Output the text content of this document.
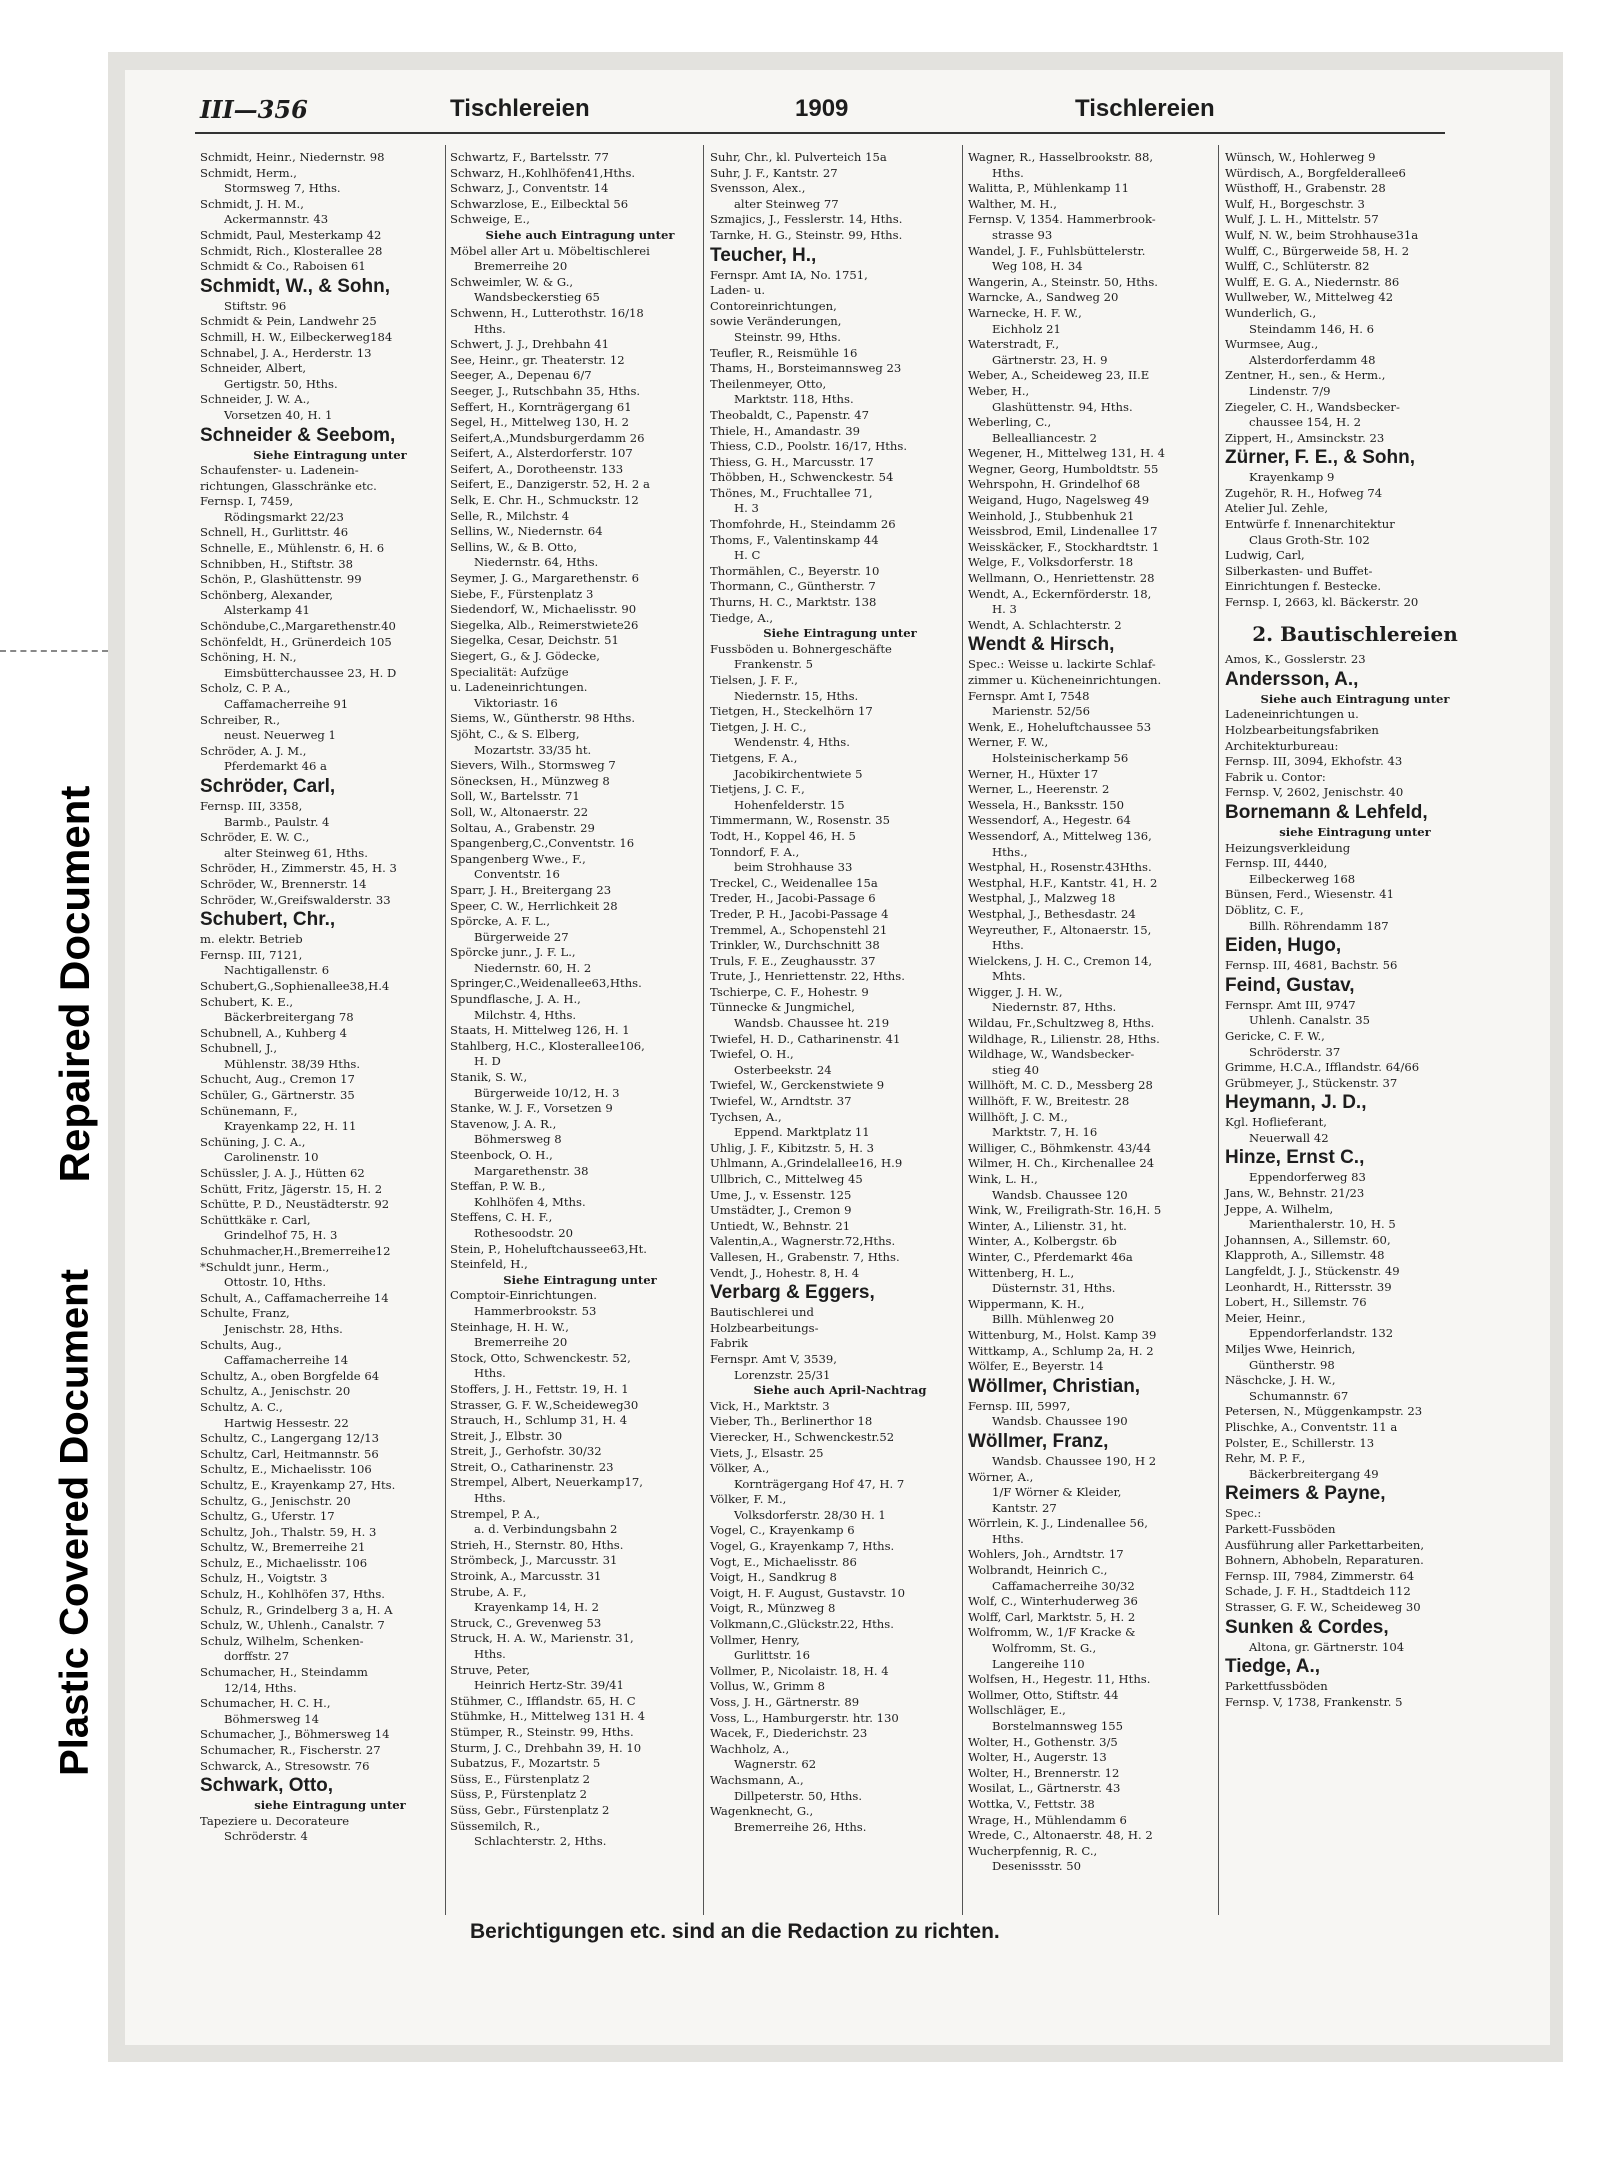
Repaired Document
Plastic Covered Document
III—356	Tischlereien	1909	Tischlereien
Schmidt, Heinr., Niedernstr. 98
Schmidt, Herm.,
Stormsweg 7, Hths.
Schmidt, J. H. M.,
Ackermannstr. 43
Schmidt, Paul, Mesterkamp 42
Schmidt, Rich., Klosterallee 28
Schmidt & Co., Raboisen 61
Schmidt, W., & Sohn,
Stiftstr. 96
Schmidt & Pein, Landwehr 25
Schmill, H. W., Eilbeckerweg184
Schnabel, J. A., Herderstr. 13
Schneider, Albert,
Gertigstr. 50, Hths.
Schneider, J. W. A.,
Vorsetzen 40, H. 1
Schneider & Seebom,
Siehe Eintragung unter
Schaufenster- u. Ladenein-
richtungen, Glasschränke etc.
Fernsp. I, 7459,
Rödingsmarkt 22/23
Schnell, H., Gurlittstr. 46
Schnelle, E., Mühlenstr. 6, H. 6
Schnibben, H., Stiftstr. 38
Schön, P., Glashüttenstr. 99
Schönberg, Alexander,
Alsterkamp 41
Schöndube,C.,Margarethenstr.40
Schönfeldt, H., Grünerdeich 105
Schöning, H. N.,
Eimsbütterchaussee 23, H. D
Scholz, C. P. A.,
Caffamacherreihe 91
Schreiber, R.,
neust. Neuerweg 1
Schröder, A. J. M.,
Pferdemarkt 46 a
Schröder, Carl,
Fernsp. III, 3358,
Barmb., Paulstr. 4
Schröder, E. W. C.,
alter Steinweg 61, Hths.
Schröder, H., Zimmerstr. 45, H. 3
Schröder, W., Brennerstr. 14
Schröder, W.,Greifswalderstr. 33
Schubert, Chr.,
m. elektr. Betrieb
Fernsp. III, 7121,
Nachtigallenstr. 6
Schubert,G.,Sophienallee38,H.4
Schubert, K. E.,
Bäckerbreitergang 78
Schubnell, A., Kuhberg 4
Schubnell, J.,
Mühlenstr. 38/39 Hths.
Schucht, Aug., Cremon 17
Schüler, G., Gärtnerstr. 35
Schünemann, F.,
Krayenkamp 22, H. 11
Schüning, J. C. A.,
Carolinenstr. 10
Schüssler, J. A. J., Hütten 62
Schütt, Fritz, Jägerstr. 15, H. 2
Schütte, P. D., Neustädterstr. 92
Schüttkäke r. Carl,
Grindelhof 75, H. 3
Schuhmacher,H.,Bremerreihe12
*Schuldt junr., Herm.,
Ottostr. 10, Hths.
Schult, A., Caffamacherreihe 14
Schulte, Franz,
Jenischstr. 28, Hths.
Schults, Aug.,
Caffamacherreihe 14
Schultz, A., oben Borgfelde 64
Schultz, A., Jenischstr. 20
Schultz, A. C.,
Hartwig Hessestr. 22
Schultz, C., Langergang 12/13
Schultz, Carl, Heitmannstr. 56
Schultz, E., Michaelisstr. 106
Schultz, E., Krayenkamp 27, Hts.
Schultz, G., Jenischstr. 20
Schultz, G., Uferstr. 17
Schultz, Joh., Thalstr. 59, H. 3
Schultz, W., Bremerreihe 21
Schulz, E., Michaelisstr. 106
Schulz, H., Voigtstr. 3
Schulz, H., Kohlhöfen 37, Hths.
Schulz, R., Grindelberg 3 a, H. A
Schulz, W., Uhlenh., Canalstr. 7
Schulz, Wilhelm, Schenken-
dorffstr. 27
Schumacher, H., Steindamm
12/14, Hths.
Schumacher, H. C. H.,
Böhmersweg 14
Schumacher, J., Böhmersweg 14
Schumacher, R., Fischerstr. 27
Schwarck, A., Stresowstr. 76
Schwark, Otto,
siehe Eintragung unter
Tapeziere u. Decorateure
Schröderstr. 4
Schwartz, F., Bartelsstr. 77
Schwarz, H.,Kohlhöfen41,Hths.
Schwarz, J., Conventstr. 14
Schwarzlose, E., Eilbecktal 56
Schweige, E.,
Siehe auch Eintragung unter
Möbel aller Art u. Möbeltischlerei
Bremerreihe 20
Schweimler, W. & G.,
Wandsbeckerstieg 65
Schwenn, H., Lutterothstr. 16/18
Hths.
Schwert, J. J., Drehbahn 41
See, Heinr., gr. Theaterstr. 12
Seeger, A., Depenau 6/7
Seeger, J., Rutschbahn 35, Hths.
Seffert, H., Kornträgergang 61
Segel, H., Mittelweg 130, H. 2
Seifert,A.,Mundsburgerdamm 26
Seifert, A., Alsterdorferstr. 107
Seifert, A., Dorotheenstr. 133
Seifert, E., Danzigerstr. 52, H. 2 a
Selk, E. Chr. H., Schmuckstr. 12
Selle, R., Milchstr. 4
Sellins, W., Niedernstr. 64
Sellins, W., & B. Otto,
Niedernstr. 64, Hths.
Seymer, J. G., Margarethenstr. 6
Siebe, F., Fürstenplatz 3
Siedendorf, W., Michaelisstr. 90
Siegelka, Alb., Reimerstwiete26
Siegelka, Cesar, Deichstr. 51
Siegert, G., & J. Gödecke,
Specialität: Aufzüge
u. Ladeneinrichtungen.
Viktoriastr. 16
Siems, W., Güntherstr. 98 Hths.
Sjöht, C., & S. Elberg,
Mozartstr. 33/35 ht.
Sievers, Wilh., Stormsweg 7
Sönecksen, H., Münzweg 8
Soll, W., Bartelsstr. 71
Soll, W., Altonaerstr. 22
Soltau, A., Grabenstr. 29
Spangenberg,C.,Conventstr. 16
Spangenberg Wwe., F.,
Conventstr. 16
Sparr, J. H., Breitergang 23
Speer, C. W., Herrlichkeit 28
Spörcke, A. F. L.,
Bürgerweide 27
Spörcke junr., J. F. L.,
Niedernstr. 60, H. 2
Springer,C.,Weidenallee63,Hths.
Spundflasche, J. A. H.,
Milchstr. 4, Hths.
Staats, H. Mittelweg 126, H. 1
Stahlberg, H.C., Klosterallee106,
H. D
Stanik, S. W.,
Bürgerweide 10/12, H. 3
Stanke, W. J. F., Vorsetzen 9
Stavenow, J. A. R.,
Böhmersweg 8
Steenbock, O. H.,
Margarethenstr. 38
Steffan, P. W. B.,
Kohlhöfen 4, Mths.
Steffens, C. H. F.,
Rothesoodstr. 20
Stein, P., Hoheluftchaussee63,Ht.
Steinfeld, H.,
Siehe Eintragung unter
Comptoir-Einrichtungen.
Hammerbrookstr. 53
Steinhage, H. H. W.,
Bremerreihe 20
Stock, Otto, Schwenckestr. 52,
Hths.
Stoffers, J. H., Fettstr. 19, H. 1
Strasser, G. F. W.,Scheideweg30
Strauch, H., Schlump 31, H. 4
Streit, J., Elbstr. 30
Streit, J., Gerhofstr. 30/32
Streit, O., Catharinenstr. 23
Strempel, Albert, Neuerkamp17,
Hths.
Strempel, P. A.,
a. d. Verbindungsbahn 2
Strieh, H., Sternstr. 80, Hths.
Strömbeck, J., Marcusstr. 31
Stroink, A., Marcusstr. 31
Strube, A. F.,
Krayenkamp 14, H. 2
Struck, C., Grevenweg 53
Struck, H. A. W., Marienstr. 31,
Hths.
Struve, Peter,
Heinrich Hertz-Str. 39/41
Stühmer, C., Ifflandstr. 65, H. C
Stühmke, H., Mittelweg 131 H. 4
Stümper, R., Steinstr. 99, Hths.
Sturm, J. C., Drehbahn 39, H. 10
Subatzus, F., Mozartstr. 5
Süss, E., Fürstenplatz 2
Süss, P., Fürstenplatz 2
Süss, Gebr., Fürstenplatz 2
Süssemilch, R.,
Schlachterstr. 2, Hths.
Suhr, Chr., kl. Pulverteich 15a
Suhr, J. F., Kantstr. 27
Svensson, Alex.,
alter Steinweg 77
Szmajics, J., Fesslerstr. 14, Hths.
Tarnke, H. G., Steinstr. 99, Hths.
Teucher, H.,
Fernspr. Amt IA, No. 1751,
Laden- u.
Contoreinrichtungen,
sowie Veränderungen,
Steinstr. 99, Hths.
Teufler, R., Reismühle 16
Thams, H., Borsteimannsweg 23
Theilenmeyer, Otto,
Marktstr. 118, Hths.
Theobaldt, C., Papenstr. 47
Thiele, H., Amandastr. 39
Thiess, C.D., Poolstr. 16/17, Hths.
Thiess, G. H., Marcusstr. 17
Thöbben, H., Schwenckestr. 54
Thönes, M., Fruchtallee 71,
H. 3
Thomfohrde, H., Steindamm 26
Thoms, F., Valentinskamp 44
H. C
Thormählen, C., Beyerstr. 10
Thormann, C., Güntherstr. 7
Thurns, H. C., Marktstr. 138
Tiedge, A.,
Siehe Eintragung unter
Fussböden u. Bohnergeschäfte
Frankenstr. 5
Tielsen, J. F. F.,
Niedernstr. 15, Hths.
Tietgen, H., Steckelhörn 17
Tietgen, J. H. C.,
Wendenstr. 4, Hths.
Tietgens, F. A.,
Jacobikirchentwiete 5
Tietjens, J. C. F.,
Hohenfelderstr. 15
Timmermann, W., Rosenstr. 35
Todt, H., Koppel 46, H. 5
Tonndorf, F. A.,
beim Strohhause 33
Treckel, C., Weidenallee 15a
Treder, H., Jacobi-Passage 6
Treder, P. H., Jacobi-Passage 4
Tremmel, A., Schopenstehl 21
Trinkler, W., Durchschnitt 38
Truls, F. E., Zeughausstr. 37
Trute, J., Henriettenstr. 22, Hths.
Tschierpe, C. F., Hohestr. 9
Tünnecke & Jungmichel,
Wandsb. Chaussee ht. 219
Twiefel, H. D., Catharinenstr. 41
Twiefel, O. H.,
Osterbeekstr. 24
Twiefel, W., Gerckenstwiete 9
Twiefel, W., Arndtstr. 37
Tychsen, A.,
Eppend. Marktplatz 11
Uhlig, J. F., Kibitzstr. 5, H. 3
Uhlmann, A.,Grindelallee16, H.9
Ullbrich, C., Mittelweg 45
Ume, J., v. Essenstr. 125
Umstädter, J., Cremon 9
Untiedt, W., Behnstr. 21
Valentin,A., Wagnerstr.72,Hths.
Vallesen, H., Grabenstr. 7, Hths.
Vendt, J., Hohestr. 8, H. 4
Verbarg & Eggers,
Bautischlerei und
Holzbearbeitungs-
Fabrik
Fernspr. Amt V, 3539,
Lorenzstr. 25/31
Siehe auch April-Nachtrag
Vick, H., Marktstr. 3
Vieber, Th., Berlinerthor 18
Vierecker, H., Schwenckestr.52
Viets, J., Elsastr. 25
Völker, A.,
Kornträgergang Hof 47, H. 7
Völker, F. M.,
Volksdorferstr. 28/30 H. 1
Vogel, C., Krayenkamp 6
Vogel, G., Krayenkamp 7, Hths.
Vogt, E., Michaelisstr. 86
Voigt, H., Sandkrug 8
Voigt, H. F. August, Gustavstr. 10
Voigt, R., Münzweg 8
Volkmann,C.,Glückstr.22, Hths.
Vollmer, Henry,
Gurlittstr. 16
Vollmer, P., Nicolaistr. 18, H. 4
Vollus, W., Grimm 8
Voss, J. H., Gärtnerstr. 89
Voss, L., Hamburgerstr. htr. 130
Wacek, F., Diederichstr. 23
Wachholz, A.,
Wagnerstr. 62
Wachsmann, A.,
Dillpeterstr. 50, Hths.
Wagenknecht, G.,
Bremerreihe 26, Hths.
Wagner, R., Hasselbrookstr. 88,
Hths.
Walitta, P., Mühlenkamp 11
Walther, M. H.,
Fernsp. V, 1354. Hammerbrook-
strasse 93
Wandel, J. F., Fuhlsbüttelerstr.
Weg 108, H. 34
Wangerin, A., Steinstr. 50, Hths.
Warncke, A., Sandweg 20
Warnecke, H. F. W.,
Eichholz 21
Waterstradt, F.,
Gärtnerstr. 23, H. 9
Weber, A., Scheideweg 23, II.E
Weber, H.,
Glashüttenstr. 94, Hths.
Weberling, C.,
Bellealliancestr. 2
Wegener, H., Mittelweg 131, H. 4
Wegner, Georg, Humboldtstr. 55
Wehrspohn, H. Grindelhof 68
Weigand, Hugo, Nagelsweg 49
Weinhold, J., Stubbenhuk 21
Weissbrod, Emil, Lindenallee 17
Weisskäcker, F., Stockhardtstr. 1
Welge, F., Volksdorferstr. 18
Wellmann, O., Henriettenstr. 28
Wendt, A., Eckernförderstr. 18,
H. 3
Wendt, A. Schlachterstr. 2
Wendt & Hirsch,
Spec.: Weisse u. lackirte Schlaf-
zimmer u. Kücheneinrichtungen.
Fernspr. Amt I, 7548
Marienstr. 52/56
Wenk, E., Hoheluftchaussee 53
Werner, F. W.,
Holsteinischerkamp 56
Werner, H., Hüxter 17
Werner, L., Heerenstr. 2
Wessela, H., Banksstr. 150
Wessendorf, A., Hegestr. 64
Wessendorf, A., Mittelweg 136,
Hths.,
Westphal, H., Rosenstr.43Hths.
Westphal, H.F., Kantstr. 41, H. 2
Westphal, J., Malzweg 18
Westphal, J., Bethesdastr. 24
Weyreuther, F., Altonaerstr. 15,
Hths.
Wielckens, J. H. C., Cremon 14,
Mhts.
Wigger, J. H. W.,
Niedernstr. 87, Hths.
Wildau, Fr.,Schultzweg 8, Hths.
Wildhage, R., Lilienstr. 28, Hths.
Wildhage, W., Wandsbecker-
stieg 40
Willhöft, M. C. D., Messberg 28
Willhöft, F. W., Breitestr. 28
Willhöft, J. C. M.,
Marktstr. 7, H. 16
Williger, C., Böhmkenstr. 43/44
Wilmer, H. Ch., Kirchenallee 24
Wink, L. H.,
Wandsb. Chaussee 120
Wink, W., Freiligrath-Str. 16,H. 5
Winter, A., Lilienstr. 31, ht.
Winter, A., Kolbergstr. 6b
Winter, C., Pferdemarkt 46a
Wittenberg, H. L.,
Düsternstr. 31, Hths.
Wippermann, K. H.,
Billh. Mühlenweg 20
Wittenburg, M., Holst. Kamp 39
Wittkamp, A., Schlump 2a, H. 2
Wölfer, E., Beyerstr. 14
Wöllmer, Christian,
Fernsp. III, 5997,
Wandsb. Chaussee 190
Wöllmer, Franz,
Wandsb. Chaussee 190, H 2
Wörner, A.,
1/F Wörner & Kleider,
Kantstr. 27
Wörrlein, K. J., Lindenallee 56,
Hths.
Wohlers, Joh., Arndtstr. 17
Wolbrandt, Heinrich C.,
Caffamacherreihe 30/32
Wolf, C., Winterhuderweg 36
Wolff, Carl, Marktstr. 5, H. 2
Wolfromm, W., 1/F Kracke &
Wolfromm, St. G.,
Langereihe 110
Wolfsen, H., Hegestr. 11, Hths.
Wollmer, Otto, Stiftstr. 44
Wollschläger, E.,
Borstelmannsweg 155
Wolter, H., Gothenstr. 3/5
Wolter, H., Augerstr. 13
Wolter, H., Brennerstr. 12
Wosilat, L., Gärtnerstr. 43
Wottka, V., Fettstr. 38
Wrage, H., Mühlendamm 6
Wrede, C., Altonaerstr. 48, H. 2
Wucherpfennig, R. C.,
Desenissstr. 50
Wünsch, W., Hohlerweg 9
Würdisch, A., Borgfelderallee6
Wüsthoff, H., Grabenstr. 28
Wulf, H., Borgeschstr. 3
Wulf, J. L. H., Mittelstr. 57
Wulf, N. W., beim Strohhause31a
Wulff, C., Bürgerweide 58, H. 2
Wulff, C., Schlüterstr. 82
Wulff, E. G. A., Niedernstr. 86
Wullweber, W., Mittelweg 42
Wunderlich, G.,
Steindamm 146, H. 6
Wurmsee, Aug.,
Alsterdorferdamm 48
Zentner, H., sen., & Herm.,
Lindenstr. 7/9
Ziegeler, C. H., Wandsbecker-
chaussee 154, H. 2
Zippert, H., Amsinckstr. 23
Zürner, F. E., & Sohn,
Krayenkamp 9
Zugehör, R. H., Hofweg 74
Atelier Jul. Zehle,
Entwürfe f. Innenarchitektur
Claus Groth-Str. 102
Ludwig, Carl,
Silberkasten- und Buffet-
Einrichtungen f. Bestecke.
Fernsp. I, 2663, kl. Bäckerstr. 20
2. Bautischlereien
Amos, K., Gosslerstr. 23
Andersson, A.,
Siehe auch Eintragung unter
Ladeneinrichtungen u.
Holzbearbeitungsfabriken
Architekturbureau:
Fernsp. III, 3094, Ekhofstr. 43
Fabrik u. Contor:
Fernsp. V, 2602, Jenischstr. 40
Bornemann & Lehfeld,
siehe Eintragung unter
Heizungsverkleidung
Fernsp. III, 4440,
Eilbeckerweg 168
Bünsen, Ferd., Wiesenstr. 41
Döblitz, C. F.,
Billh. Röhrendamm 187
Eiden, Hugo,
Fernsp. III, 4681, Bachstr. 56
Feind, Gustav,
Fernspr. Amt III, 9747
Uhlenh. Canalstr. 35
Gericke, C. F. W.,
Schröderstr. 37
Grimme, H.C.A., Ifflandstr. 64/66
Grübmeyer, J., Stückenstr. 37
Heymann, J. D.,
Kgl. Hoflieferant,
Neuerwall 42
Hinze, Ernst C.,
Eppendorferweg 83
Jans, W., Behnstr. 21/23
Jeppe, A. Wilhelm,
Marienthalerstr. 10, H. 5
Johannsen, A., Sillemstr. 60,
Klapproth, A., Sillemstr. 48
Langfeldt, J. J., Stückenstr. 49
Leonhardt, H., Rittersstr. 39
Lobert, H., Sillemstr. 76
Meier, Heinr.,
Eppendorferlandstr. 132
Miljes Wwe, Heinrich,
Güntherstr. 98
Näschcke, J. H. W.,
Schumannstr. 67
Petersen, N., Müggenkampstr. 23
Plischke, A., Conventstr. 11 a
Polster, E., Schillerstr. 13
Rehr, M. P. F.,
Bäckerbreitergang 49
Reimers & Payne,
Spec.:
Parkett-Fussböden
Ausführung aller Parkettarbeiten,
Bohnern, Abhobeln, Reparaturen.
Fernsp. III, 7984, Zimmerstr. 64
Schade, J. F. H., Stadtdeich 112
Strasser, G. F. W., Scheideweg 30
Sunken & Cordes,
Altona, gr. Gärtnerstr. 104
Tiedge, A.,
Parkettfussböden
Fernsp. V, 1738, Frankenstr. 5
Berichtigungen etc. sind an die Redaction zu richten.
